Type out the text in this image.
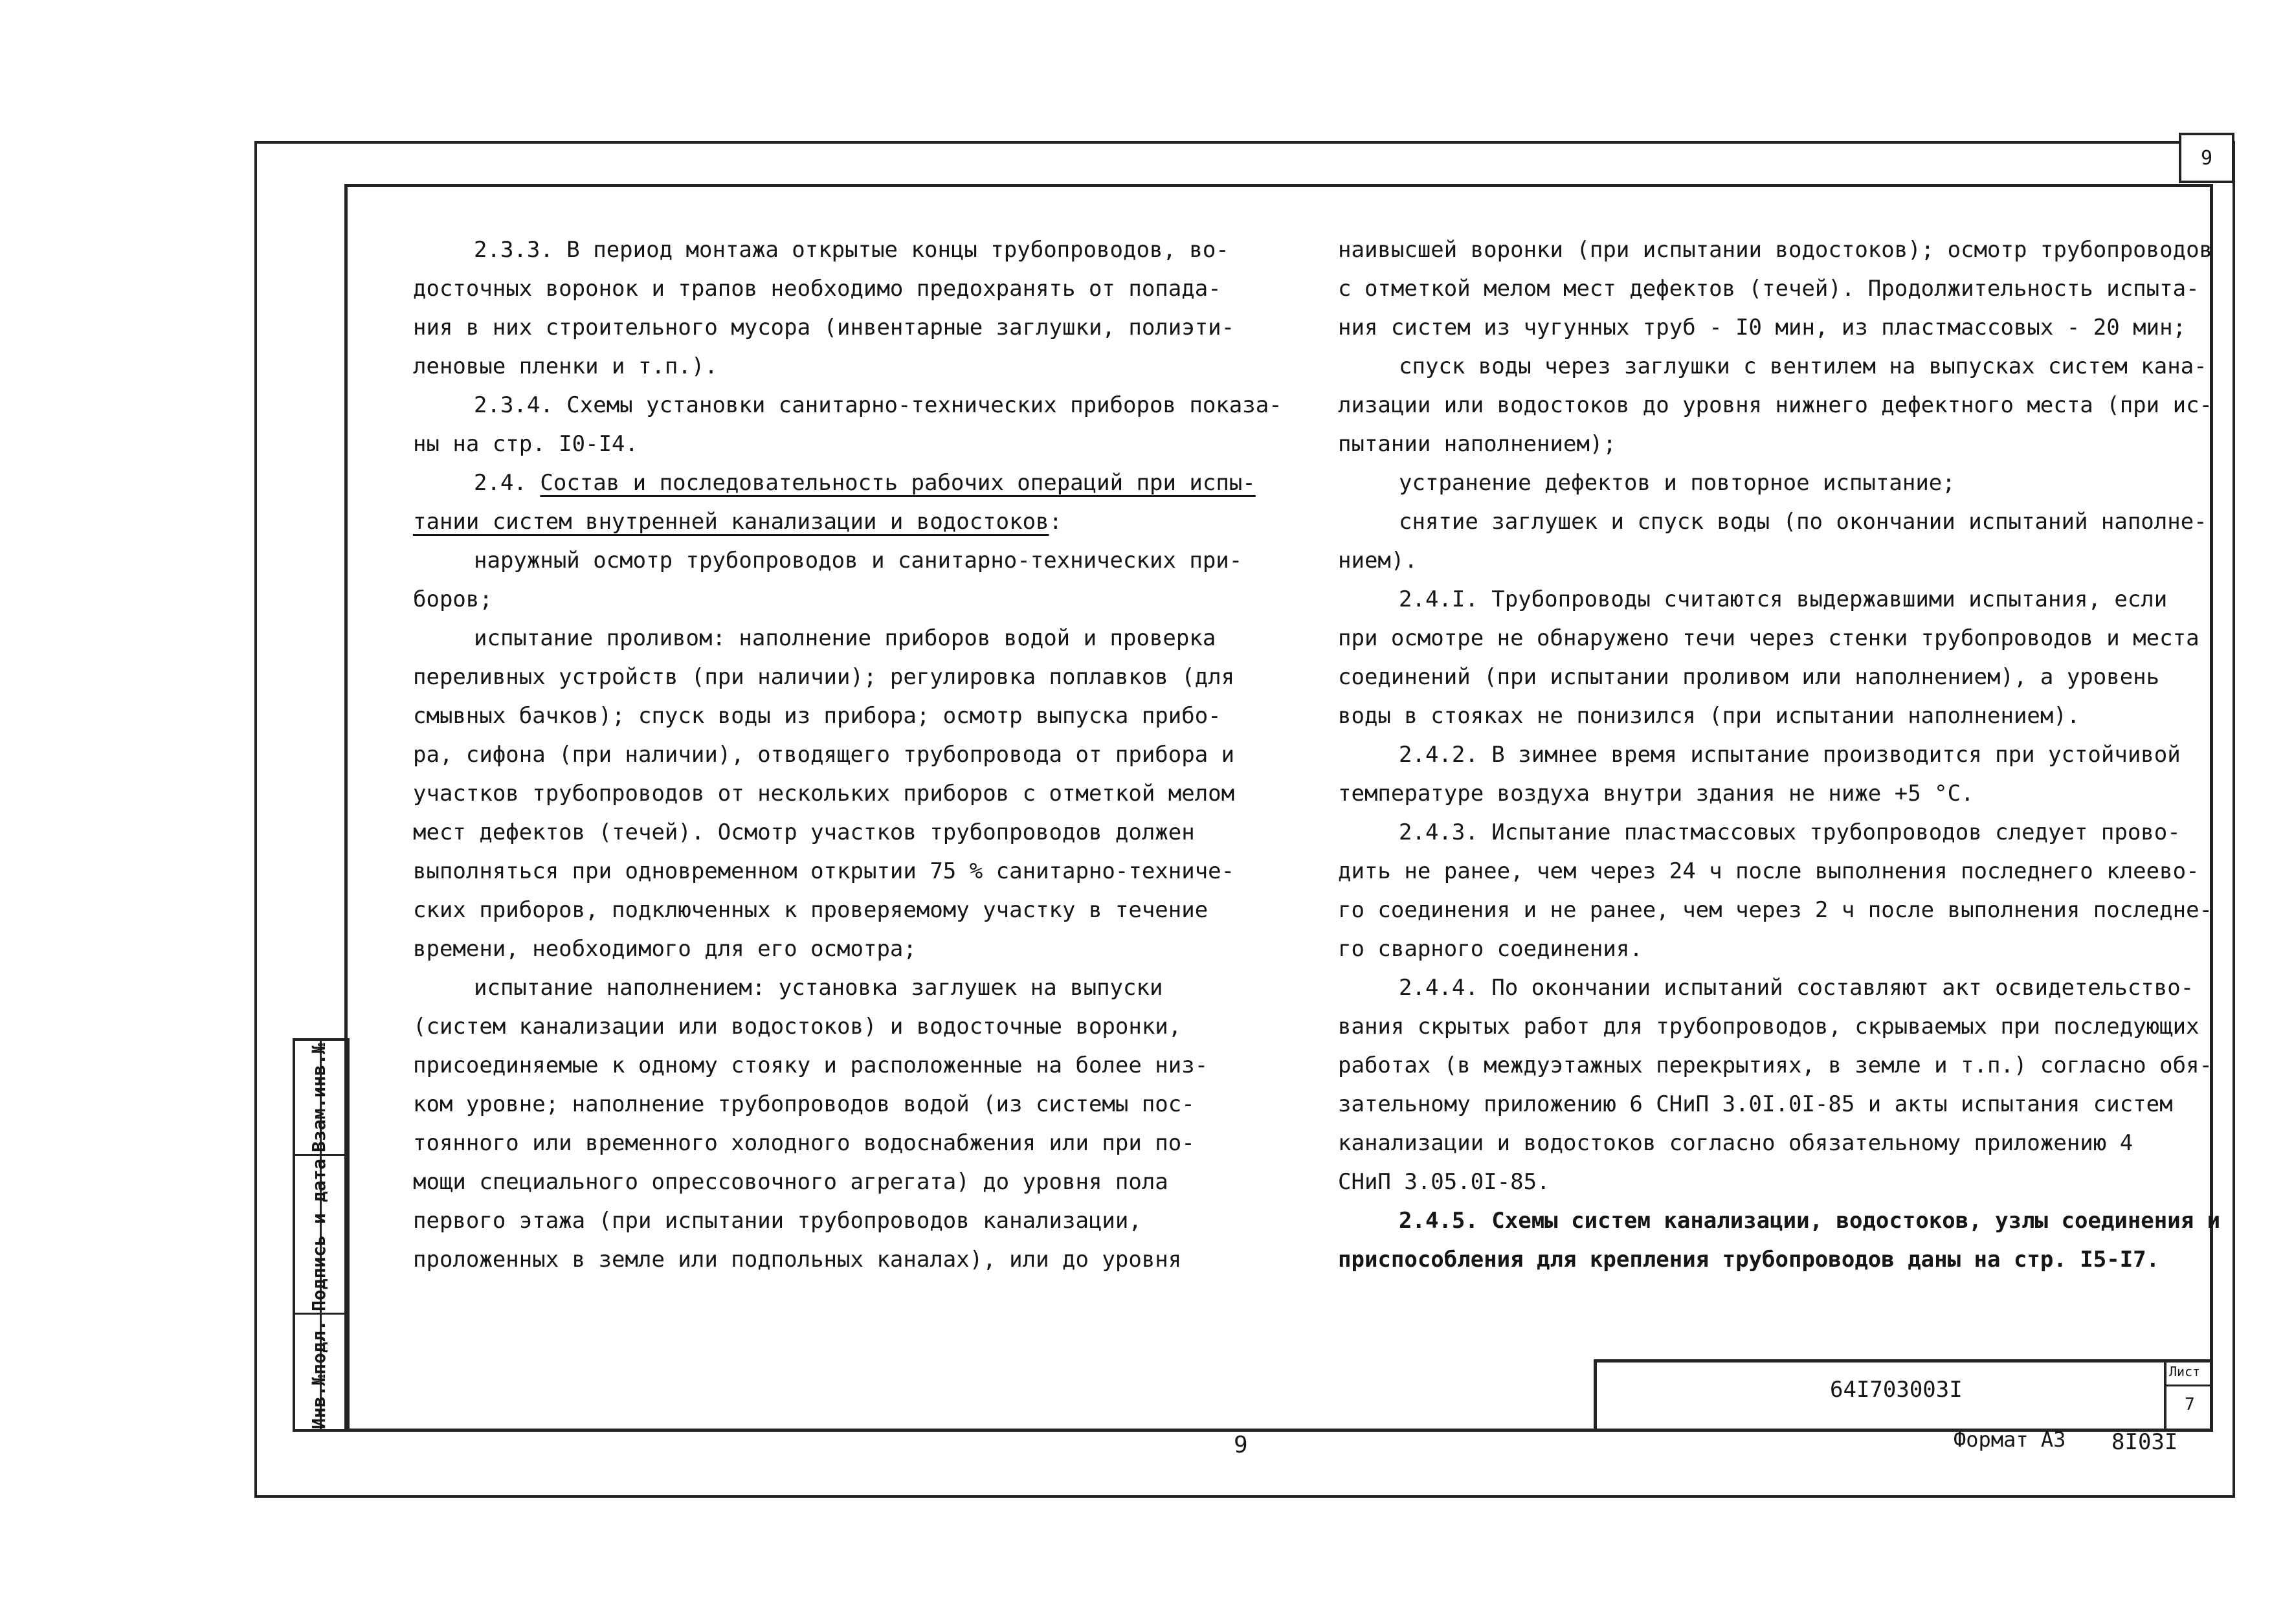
9

2.3.3. В период монтажа открытые концы трубопроводов, во-

досточных воронок и трапов необходимо предохранять от попада-

ния в них строительного мусора (инвентарные заглушки, полиэти-

леновые пленки и т.п.).

2.3.4. Схемы установки санитарно-технических приборов показа-

ны на стр. I0-I4.

2.4. Состав и последовательность рабочих операций при испы-

тании систем внутренней канализации и водостоков:

наружный осмотр трубопроводов и санитарно-технических при-

боров;

испытание проливом: наполнение приборов водой и проверка

переливных устройств (при наличии); регулировка поплавков (для

смывных бачков); спуск воды из прибора; осмотр выпуска прибо-

ра, сифона (при наличии), отводящего трубопровода от прибора и

участков трубопроводов от нескольких приборов с отметкой мелом

мест дефектов (течей). Осмотр участков трубопроводов должен

выполняться при одновременном открытии 75 % санитарно-техниче-

ских приборов, подключенных к проверяемому участку в течение

времени, необходимого для его осмотра;

испытание наполнением: установка заглушек на выпуски

(систем канализации или водостоков) и водосточные воронки,

присоединяемые к одному стояку и расположенные на более низ-

ком уровне; наполнение трубопроводов водой (из системы пос-

тоянного или временного холодного водоснабжения или при по-

мощи специального опрессовочного агрегата) до уровня пола

первого этажа (при испытании трубопроводов канализации,

проложенных в земле или подпольных каналах), или до уровня

наивысшей воронки (при испытании водостоков); осмотр трубопроводов

с отметкой мелом мест дефектов (течей). Продолжительность испыта-

ния систем из чугунных труб - I0 мин, из пластмассовых - 20 мин;

спуск воды через заглушки с вентилем на выпусках систем кана-

лизации или водостоков до уровня нижнего дефектного места (при ис-

пытании наполнением);

устранение дефектов и повторное испытание;

снятие заглушек и спуск воды (по окончании испытаний наполне-

нием).

2.4.I. Трубопроводы считаются выдержавшими испытания, если

при осмотре не обнаружено течи через стенки трубопроводов и места

соединений (при испытании проливом или наполнением), а уровень

воды в стояках не понизился (при испытании наполнением).

2.4.2. В зимнее время испытание производится при устойчивой

температуре воздуха внутри здания не ниже +5 °C.

2.4.3. Испытание пластмассовых трубопроводов следует прово-

дить не ранее, чем через 24 ч после выполнения последнего клеево-

го соединения и не ранее, чем через 2 ч после выполнения последне-

го сварного соединения.

2.4.4. По окончании испытаний составляют акт освидетельство-

вания скрытых работ для трубопроводов, скрываемых при последующих

работах (в междуэтажных перекрытиях, в земле и т.п.) согласно обя-

зательному приложению 6 СНиП 3.0I.0I-85 и акты испытания систем

канализации и водостоков согласно обязательному приложению 4

СНиП 3.05.0I-85.

2.4.5. Схемы систем канализации, водостоков, узлы соединения и

приспособления для крепления трубопроводов даны на стр. I5-I7.

Инв.№подл.
Подпись и дата
Взам.инв.№
64I703003I
Лист
7
9	Формат А3 8I03I
